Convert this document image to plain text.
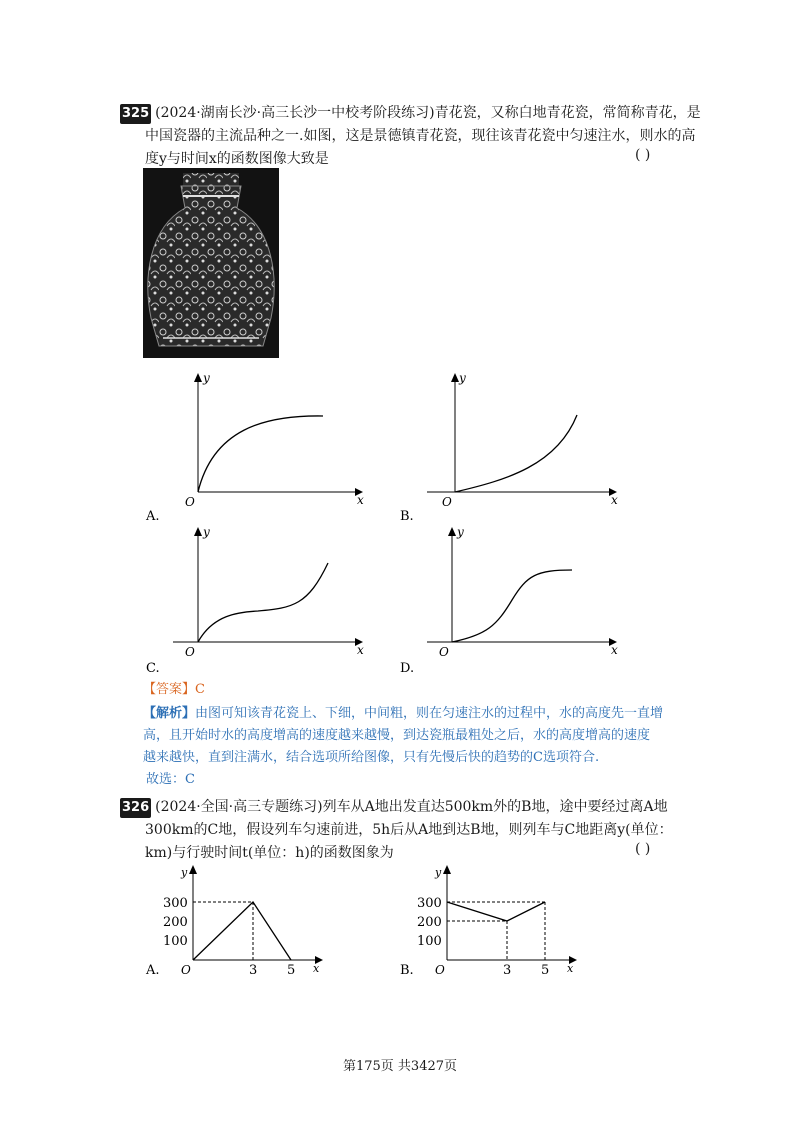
325 (2024·湖南长沙·高三长沙一中校考阶段练习)青花瓷，又称白地青花瓷，常简称青花，是
中国瓷器的主流品种之一.如图，这是景德镇青花瓷，现往该青花瓷中匀速注水，则水的高
度y与时间x的函数图像大致是	( )
y
x
O
A.
y
x
O
B.
y
x
O
C.
y
x
O
D.
【答案】C
【解析】由图可知该青花瓷上、下细，中间粗，则在匀速注水的过程中，水的高度先一直增
高，且开始时水的高度增高的速度越来越慢，到达瓷瓶最粗处之后，水的高度增高的速度
越来越快，直到注满水，结合选项所给图像，只有先慢后快的趋势的C选项符合.
故选：C
326 (2024·全国·高三专题练习)列车从A地出发直达500km外的B地，途中要经过离A地
300km的C地，假设列车匀速前进，5h后从A地到达B地，则列车与C地距离y(单位：
km)与行驶时间t(单位：h)的函数图象为	( )
y
300
200
100
O	3 5 x
A.
y
300
200
100
O	3 5 x
B.
第175页 共3427页
